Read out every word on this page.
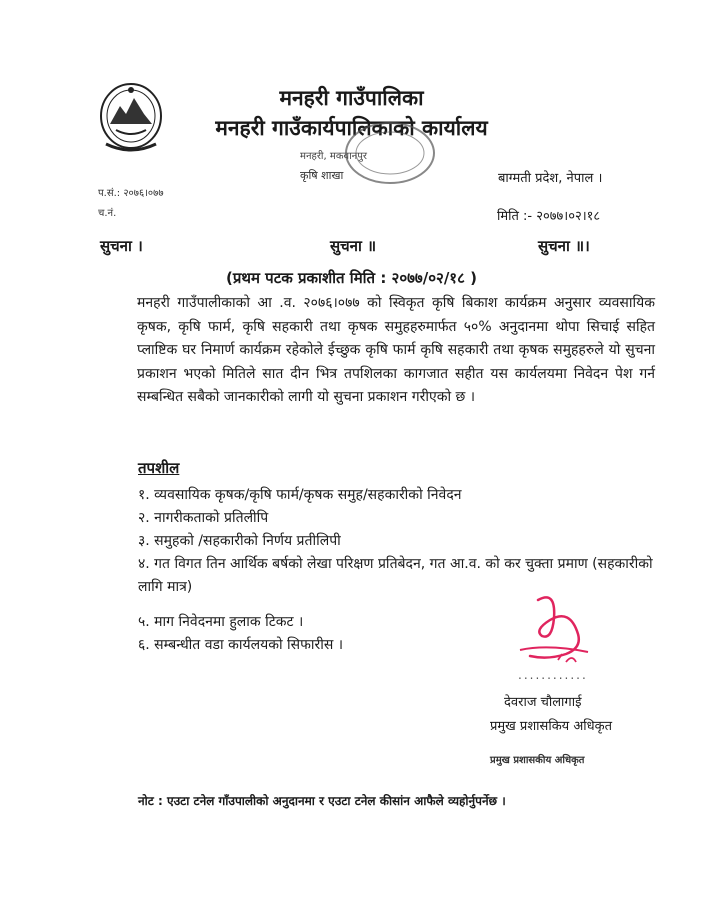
मनहरी गाउँपालिका
मनहरी गाउँकार्यपालिकाको कार्यालय
मनहरी, मकवानपुर
कृषि शाखा	बाग्मती प्रदेश, नेपाल ।
प.सं.: २०७६।०७७
च.नं.	मिति :- २०७७।०२।१८
सुचना ।	सुचना ॥	सुचना ॥।
(प्रथम पटक प्रकाशीत मिति : २०७७/०२/१८ )
मनहरी गाउँपालीकाको आ .व. २०७६।०७७ को स्विकृत कृषि बिकाश कार्यक्रम अनुसार व्यवसायिक कृषक, कृषि फार्म, कृषि सहकारी तथा कृषक समुहहरुमार्फत ५०% अनुदानमा थोपा सिचाई सहित प्लाष्टिक घर निमार्ण कार्यक्रम रहेकोले ईच्छुक कृषि फार्म कृषि सहकारी तथा कृषक समुहहरुले यो सुचना प्रकाशन भएको मितिले सात दीन भित्र तपशिलका कागजात सहीत यस कार्यलयमा निवेदन पेश गर्न सम्बन्धित सबैको जानकारीको लागी यो सुचना प्रकाशन गरीएको छ ।
तपशील
१. व्यवसायिक कृषक/कृषि फार्म/कृषक समुह/सहकारीको निवेदन
२. नागरीकताको प्रतिलीपि
३. समुहको /सहकारीको निर्णय प्रतीलिपी
४. गत विगत तिन आर्थिक बर्षको लेखा परिक्षण प्रतिबेदन, गत आ.व. को कर चुक्ता प्रमाण (सहकारीको लागि मात्र)
५. माग निवेदनमा हुलाक टिकट ।
६. सम्बन्धीत वडा कार्यलयको सिफारीस ।
............
देवराज चौलागाई
प्रमुख प्रशासकिय अधिकृत
प्रमुख प्रशासकीय अधिकृत
नोट : एउटा टनेल गाँउपालीको अनुदानमा र एउटा टनेल कीसांन आफैले व्यहोर्नुपर्नेछ ।
